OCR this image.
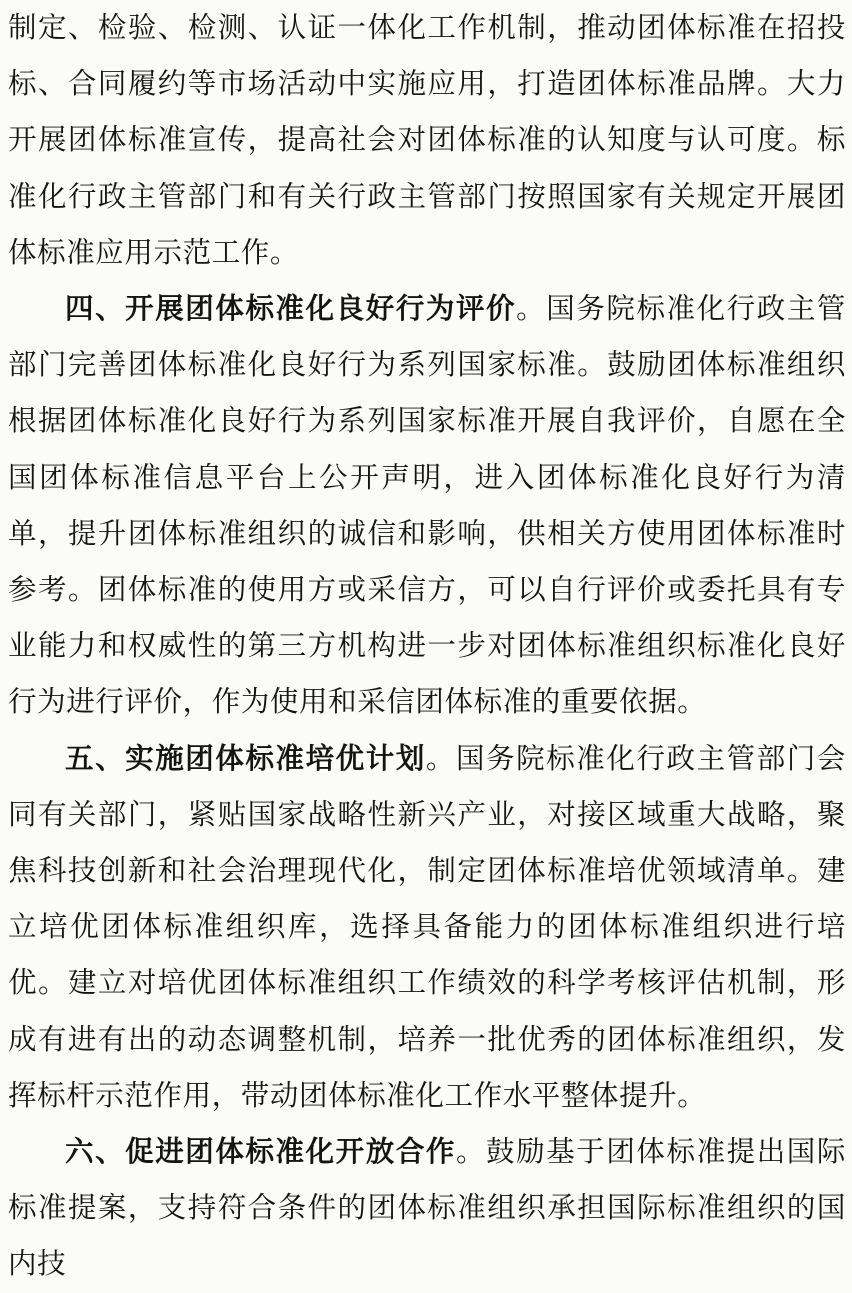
制定、检验、检测、认证一体化工作机制，推动团体标准在招投标、合同履约等市场活动中实施应用，打造团体标准品牌。大力开展团体标准宣传，提高社会对团体标准的认知度与认可度。标准化行政主管部门和有关行政主管部门按照国家有关规定开展团体标准应用示范工作。

四、开展团体标准化良好行为评价。国务院标准化行政主管部门完善团体标准化良好行为系列国家标准。鼓励团体标准组织根据团体标准化良好行为系列国家标准开展自我评价，自愿在全国团体标准信息平台上公开声明，进入团体标准化良好行为清单，提升团体标准组织的诚信和影响，供相关方使用团体标准时参考。团体标准的使用方或采信方，可以自行评价或委托具有专业能力和权威性的第三方机构进一步对团体标准组织标准化良好行为进行评价，作为使用和采信团体标准的重要依据。

五、实施团体标准培优计划。国务院标准化行政主管部门会同有关部门，紧贴国家战略性新兴产业，对接区域重大战略，聚焦科技创新和社会治理现代化，制定团体标准培优领域清单。建立培优团体标准组织库，选择具备能力的团体标准组织进行培优。建立对培优团体标准组织工作绩效的科学考核评估机制，形成有进有出的动态调整机制，培养一批优秀的团体标准组织，发挥标杆示范作用，带动团体标准化工作水平整体提升。

六、促进团体标准化开放合作。鼓励基于团体标准提出国际标准提案，支持符合条件的团体标准组织承担国际标准组织的国内技
